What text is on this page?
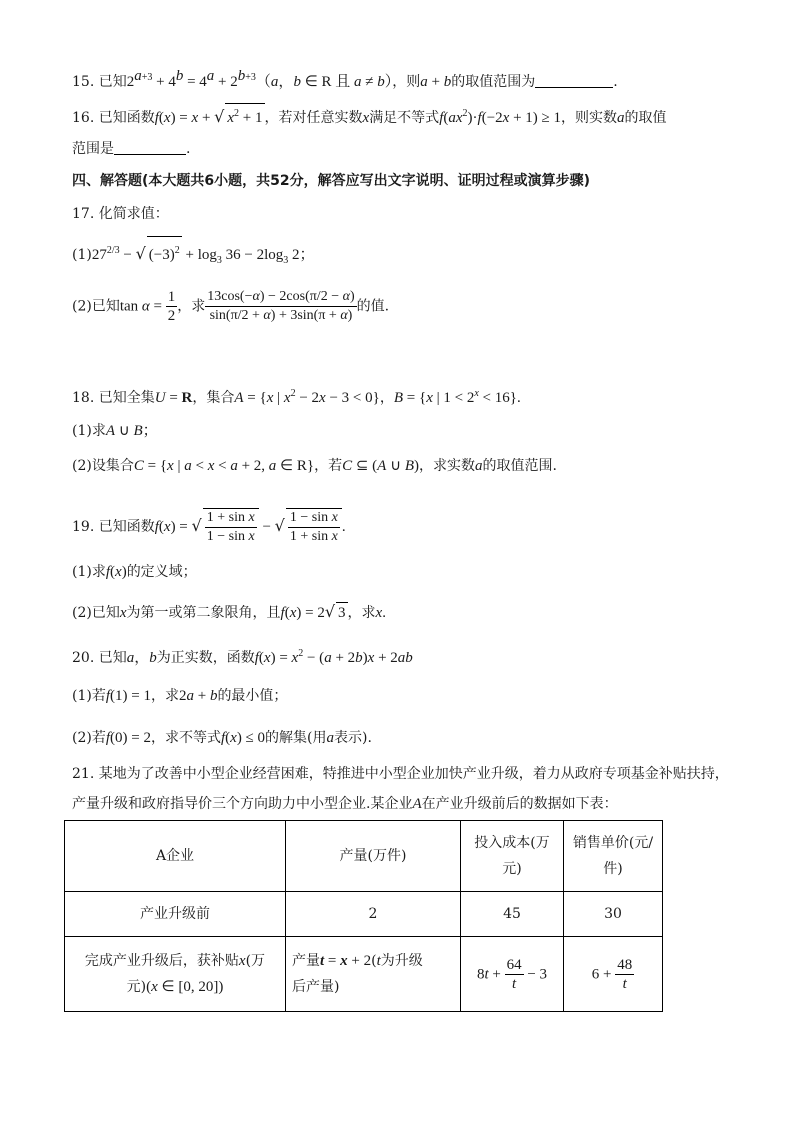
15. 已知$2^{a+3} + 4^b = 4^a + 2^{b+3}(a$，b ∈ R 且 a ≠ b），则a + b的取值范围为	.
16. 已知函数f(x) = x + √ $x^2 + 1$ ，若对任意实数x满足不等式$f(ax^2)\cdot f(-2x + 1) \ge 1$，则实数a的取值
范围是	.
四、解答题(本大题共6小题，共52分，解答应写出文字说明、证明过程或演算步骤)
17. 化简求值：
$(1)27^{2/3}$ − √ $(-3)^2 + \log_3 36 - 2\log_3$ 2；
(2)已知$\tan \alpha = \frac{1}{2}$ ，求 $\frac{13\cos(-\alpha) - 2\cos(\pi/2 - \alpha)}{\sin(\pi/2 + \alpha) + 3\sin(\pi + \alpha)}$ 的值.
18. 已知全集U = R，集合A = {x | $x^2 - 2x - 3 < 0$}，B = {x | $1 < 2^x < 16$}.
(1)求A ∪ B；
(2)设集合C = {x | a < x < a + 2, a ∈ R}，若C ⊆ (A ∪ B)，求实数a的取值范围.
19. 已知函数f(x) = √ $\frac{\text{1 + sin x}}{\text{1 − sin x}}$ − √ $\frac{\text{1 − sin x}}{\text{1 + sin x}}$ .
(1)求f(x)的定义域；
(2)已知x为第一或第二象限角，且f(x) = 2√ 3 ，求x.
20. 已知a，b为正实数，函数$f(x) = x^2 - (a + 2b)x + 2ab$
(1)若f(1) = 1，求2a + b的最小值；
(2)若f(0) = 2，求不等式f(x) ≤ 0的解集(用a表示).
21. 某地为了改善中小型企业经营困难，特推进中小型企业加快产业升级，着力从政府专项基金补贴扶持，
产量升级和政府指导价三个方向助力中小型企业.某企业A在产业升级前后的数据如下表：
A企业	产量(万件)	投入成本(万元)	销售单价(元/件)
产业升级前	2	45	30
完成产业升级后，获补贴x(万
元)(x ∈ [0, 20])	产量t = x + 2(t为升级
后产量)	$8t + \frac{64}{t} - 3$	$6 + \frac{48}{t}$
